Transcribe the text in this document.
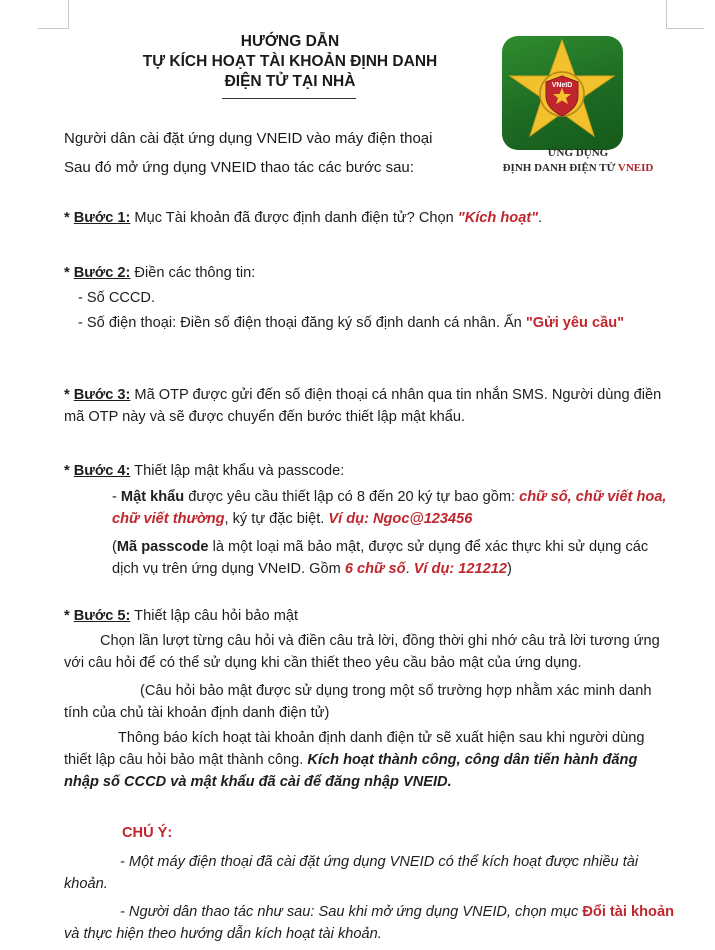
HƯỚNG DẪN
TỰ KÍCH HOẠT TÀI KHOẢN ĐỊNH DANH
ĐIỆN TỬ TẠI NHÀ	VNeID
ỨNG DỤNG
ĐỊNH DANH ĐIỆN TỬ VNEID

Người dân cài đặt ứng dụng VNEID vào máy điện thoại

Sau đó mở ứng dụng VNEID thao tác các bước sau:

* Bước 1: Mục Tài khoản đã được định danh điện tử? Chọn "Kích hoạt".

* Bước 2: Điền các thông tin:

- Số CCCD.

- Số điện thoại: Điền số điện thoại đăng ký số định danh cá nhân. Ấn "Gửi yêu cầu"

* Bước 3: Mã OTP được gửi đến số điện thoại cá nhân qua tin nhắn SMS. Người dùng điền mã OTP này và sẽ được chuyển đến bước thiết lập mật khẩu.

* Bước 4: Thiết lập mật khẩu và passcode:

- Mật khẩu được yêu cầu thiết lập có 8 đến 20 ký tự bao gồm: chữ số, chữ viết hoa, chữ viết thường, ký tự đặc biệt. Ví dụ: Ngoc@123456

(Mã passcode là một loại mã bảo mật, được sử dụng để xác thực khi sử dụng các dịch vụ trên ứng dụng VNeID. Gồm 6 chữ số. Ví dụ: 121212)

* Bước 5: Thiết lập câu hỏi bảo mật

Chọn lần lượt từng câu hỏi và điền câu trả lời, đồng thời ghi nhớ câu trả lời tương ứng với câu hỏi để có thể sử dụng khi cần thiết theo yêu cầu bảo mật của ứng dụng.

(Câu hỏi bảo mật được sử dụng trong một số trường hợp nhằm xác minh danh tính của chủ tài khoản định danh điện tử)

Thông báo kích hoạt tài khoản định danh điện tử sẽ xuất hiện sau khi người dùng thiết lập câu hỏi bảo mật thành công. Kích hoạt thành công, công dân tiến hành đăng nhập số CCCD và mật khẩu đã cài để đăng nhập VNEID.

CHÚ Ý:

- Một máy điện thoại đã cài đặt ứng dụng VNEID có thể kích hoạt được nhiều tài khoản.

- Người dân thao tác như sau: Sau khi mở ứng dụng VNEID, chọn mục Đổi tài khoản và thực hiện theo hướng dẫn kích hoạt tài khoản.
